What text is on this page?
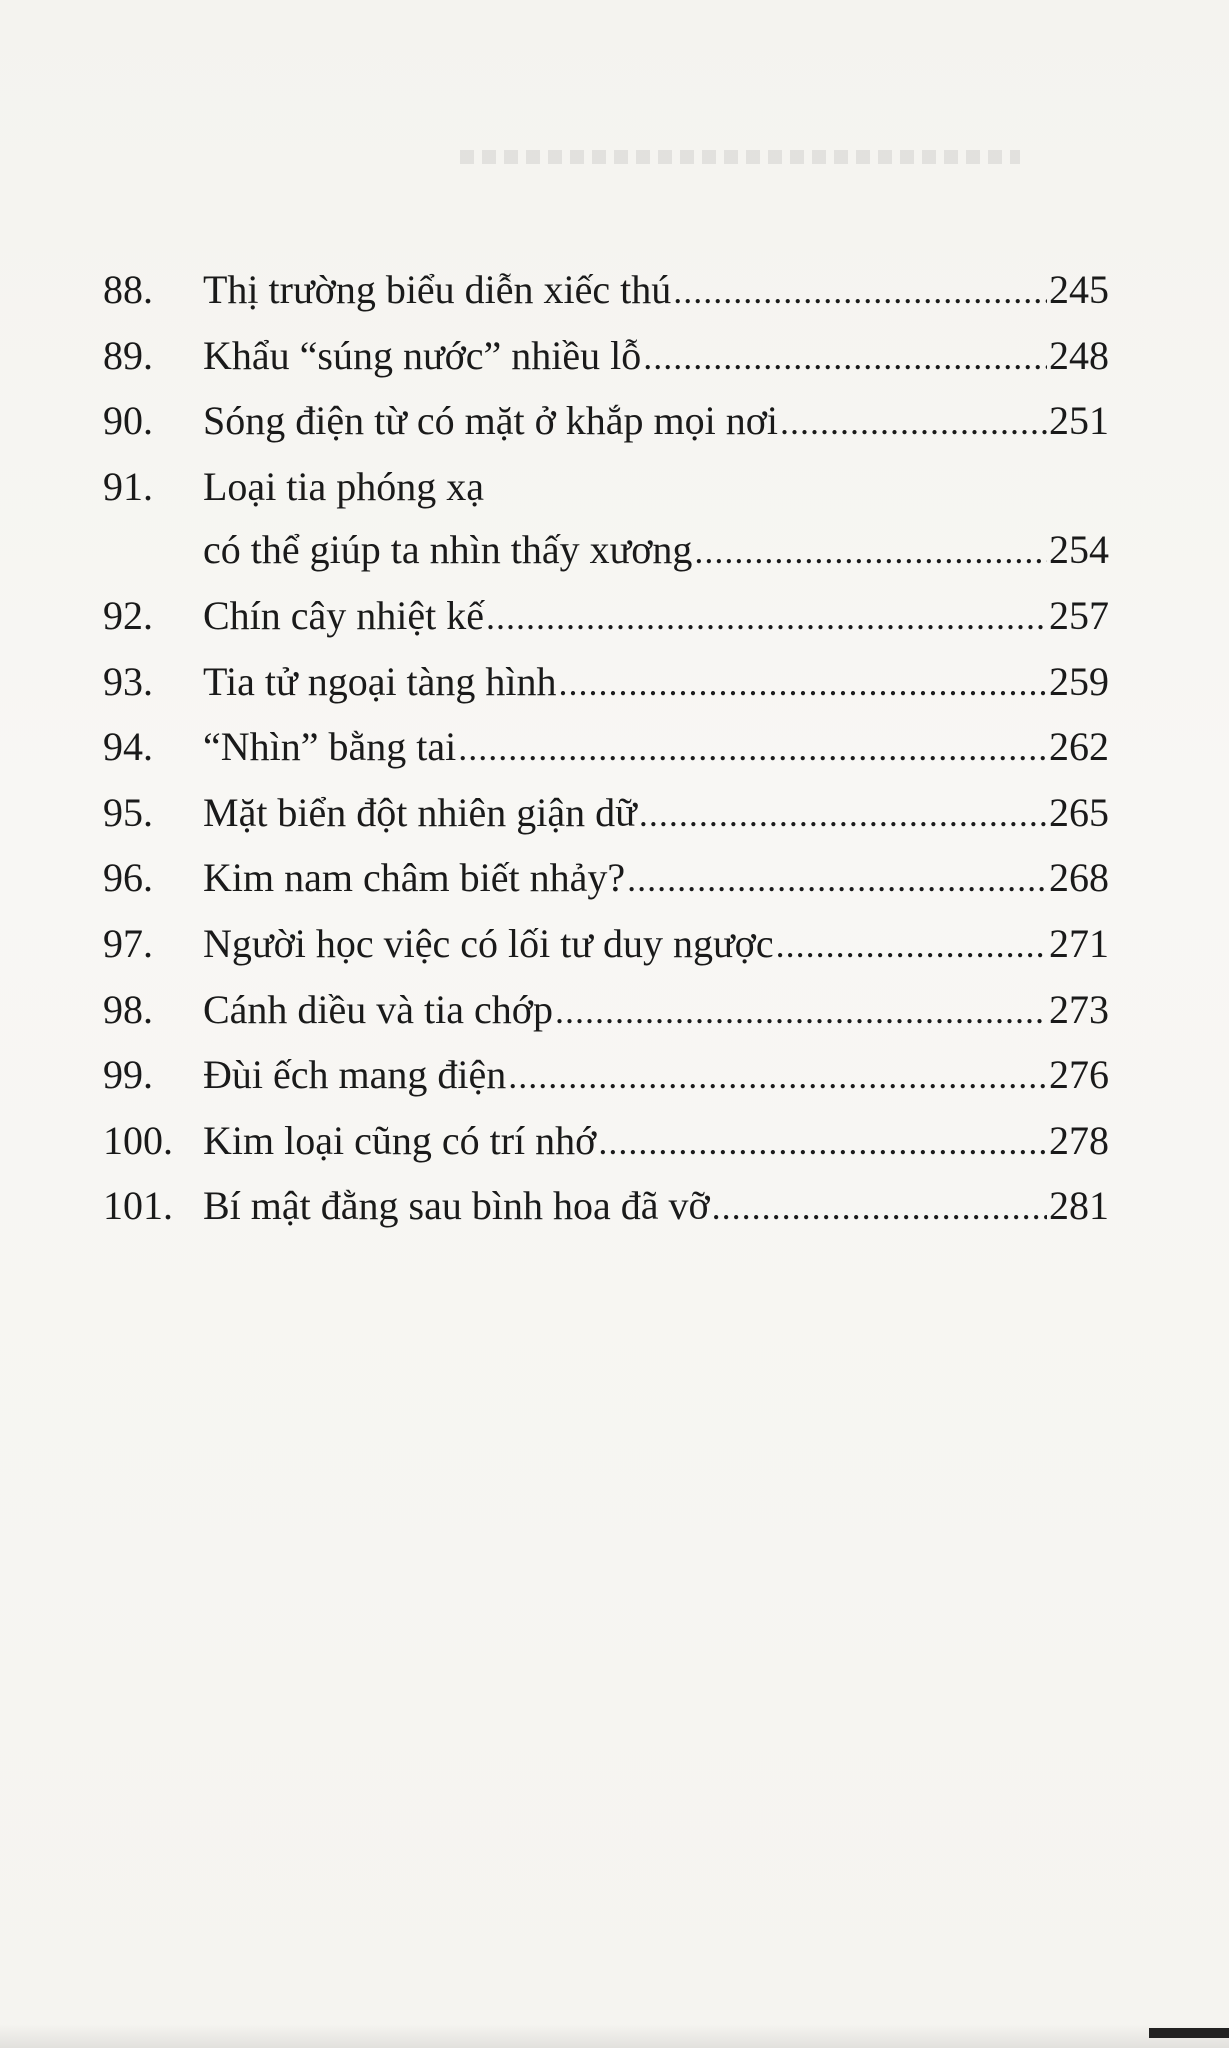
88.	Thị trường biểu diễn xiếc thú .....	245
89.	Khẩu “súng nước” nhiều lỗ .....	248
90.	Sóng điện từ có mặt ở khắp mọi nơi .....	251
91.	Loại tia phóng xạ
có thể giúp ta nhìn thấy xương .....	254
92.	Chín cây nhiệt kế .....	257
93.	Tia tử ngoại tàng hình .....	259
94.	“Nhìn” bằng tai .....	262
95.	Mặt biển đột nhiên giận dữ .....	265
96.	Kim nam châm biết nhảy? .....	268
97.	Người học việc có lối tư duy ngược .....	271
98.	Cánh diều và tia chớp .....	273
99.	Đùi ếch mang điện .....	276
100. Kim loại cũng có trí nhớ .....	278
101. Bí mật đằng sau bình hoa đã vỡ .....	281
